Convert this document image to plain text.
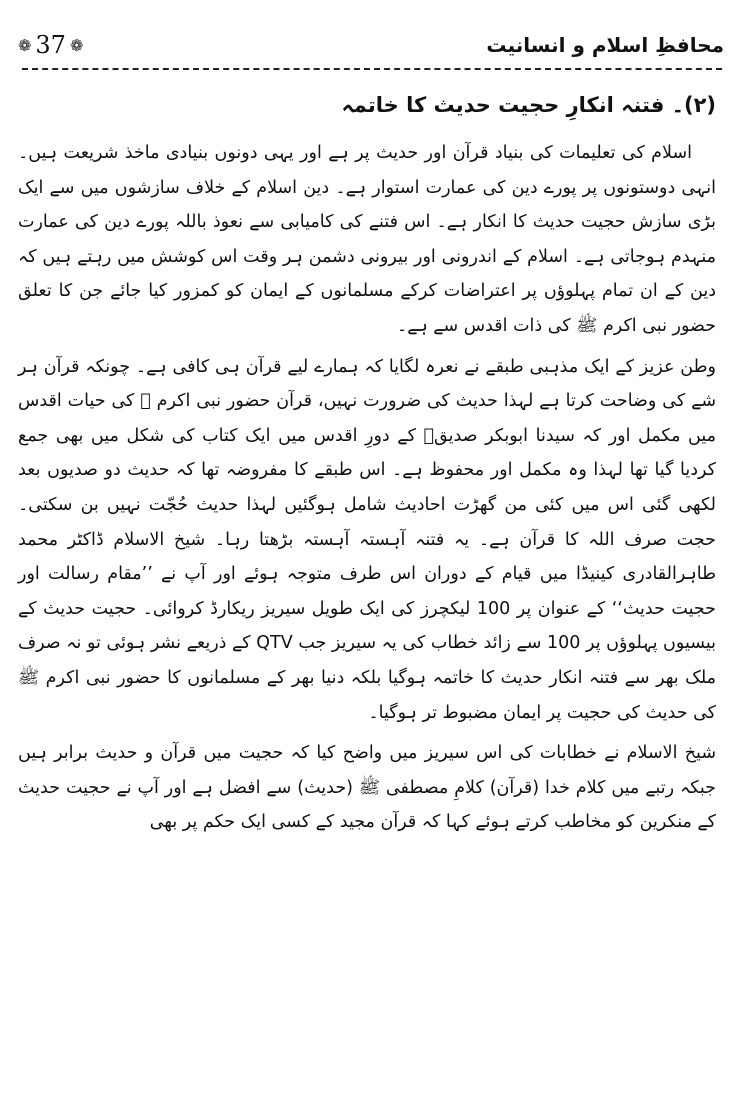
❁ 37 ❁	محافظِ اسلام و انسانیت
(۲)۔ فتنہ انکارِ حجیت حدیث کا خاتمہ

اسلام کی تعلیمات کی بنیاد قرآن اور حدیث پر ہے اور یہی دونوں بنیادی ماخذ شریعت ہیں۔ انہی دوستونوں پر پورے دین کی عمارت استوار ہے۔ دین اسلام کے خلاف سازشوں میں سے ایک بڑی سازش حجیت حدیث کا انکار ہے۔ اس فتنے کی کامیابی سے نعوذ باللہ پورے دین کی عمارت منہدم ہوجاتی ہے۔ اسلام کے اندرونی اور بیرونی دشمن ہر وقت اس کوشش میں رہتے ہیں کہ دین کے ان تمام پہلوؤں پر اعتراضات کرکے مسلمانوں کے ایمان کو کمزور کیا جائے جن کا تعلق حضور نبی اکرم ﷺ کی ذات اقدس سے ہے۔

وطن عزیز کے ایک مذہبی طبقے نے نعرہ لگایا کہ ہمارے لیے قرآن ہی کافی ہے۔ چونکہ قرآن ہر شے کی وضاحت کرتا ہے لہذا حدیث کی ضرورت نہیں، قرآن حضور نبی اکرم ﷺ کی حیات اقدس میں مکمل اور کہ سیدنا ابوبکر صدیقؓ کے دورِ اقدس میں ایک کتاب کی شکل میں بھی جمع کردیا گیا تھا لہذا وہ مکمل اور محفوظ ہے۔ اس طبقے کا مفروضہ تھا کہ حدیث دو صدیوں بعد لکھی گئی اس میں کئی من گھڑت احادیث شامل ہوگئیں لہذا حدیث حُجّت نہیں بن سکتی۔ حجت صرف اللہ کا قرآن ہے۔ یہ فتنہ آہستہ آہستہ بڑھتا رہا۔ شیخ الاسلام ڈاکٹر محمد طاہرالقادری کینیڈا میں قیام کے دوران اس طرف متوجہ ہوئے اور آپ نے ’’مقام رسالت اور حجیت حدیث‘‘ کے عنوان پر 100 لیکچرز کی ایک طویل سیریز ریکارڈ کروائی۔ حجیت حدیث کے بیسیوں پہلوؤں پر 100 سے زائد خطاب کی یہ سیریز جب QTV کے ذریعے نشر ہوئی تو نہ صرف ملک بھر سے فتنہ انکار حدیث کا خاتمہ ہوگیا بلکہ دنیا بھر کے مسلمانوں کا حضور نبی اکرم ﷺ کی حدیث کی حجیت پر ایمان مضبوط تر ہوگیا۔

شیخ الاسلام نے خطابات کی اس سیریز میں واضح کیا کہ حجیت میں قرآن و حدیث برابر ہیں جبکہ رتبے میں کلام خدا (قرآن) کلامِ مصطفی ﷺ (حدیث) سے افضل ہے اور آپ نے حجیت حدیث کے منکرین کو مخاطب کرتے ہوئے کہا کہ قرآن مجید کے کسی ایک حکم پر بھی
